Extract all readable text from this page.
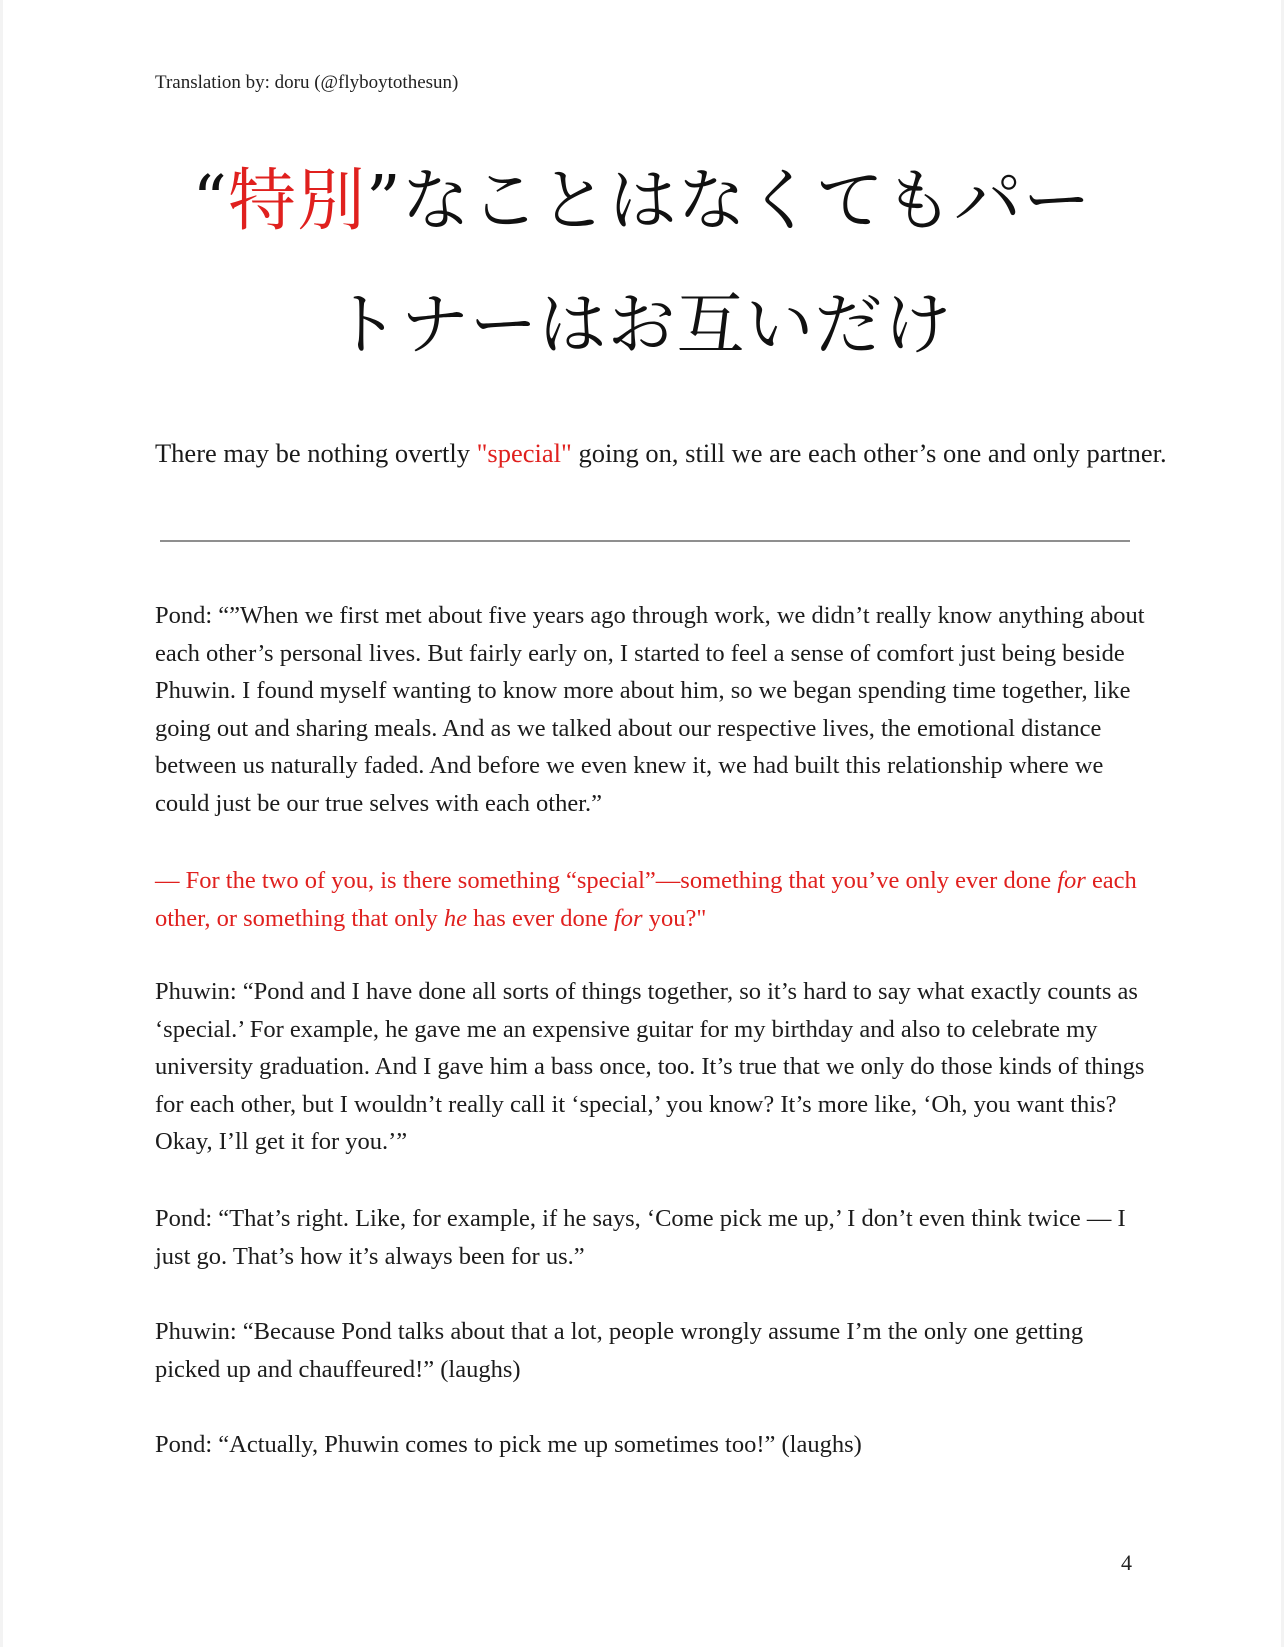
Translation by: doru (@flyboytothesun)
“特別”なことはなくてもパー
トナーはお互いだけ
There may be nothing overtly "special" going on, still we are each other’s one and only partner.

Pond: “”When we first met about five years ago through work, we didn’t really know anything about each other’s personal lives. But fairly early on, I started to feel a sense of comfort just being beside Phuwin. I found myself wanting to know more about him, so we began spending time together, like going out and sharing meals. And as we talked about our respective lives, the emotional distance between us naturally faded. And before we even knew it, we had built this relationship where we could just be our true selves with each other.”

— For the two of you, is there something “special”—something that you’ve only ever done for each other, or something that only he has ever done for you?"

Phuwin: “Pond and I have done all sorts of things together, so it’s hard to say what exactly counts as ‘special.’ For example, he gave me an expensive guitar for my birthday and also to celebrate my university graduation. And I gave him a bass once, too. It’s true that we only do those kinds of things for each other, but I wouldn’t really call it ‘special,’ you know? It’s more like, ‘Oh, you want this? Okay, I’ll get it for you.’”

Pond: “That’s right. Like, for example, if he says, ‘Come pick me up,’ I don’t even think twice — I just go. That’s how it’s always been for us.”

Phuwin: “Because Pond talks about that a lot, people wrongly assume I’m the only one getting picked up and chauffeured!” (laughs)

Pond: “Actually, Phuwin comes to pick me up sometimes too!” (laughs)

4
